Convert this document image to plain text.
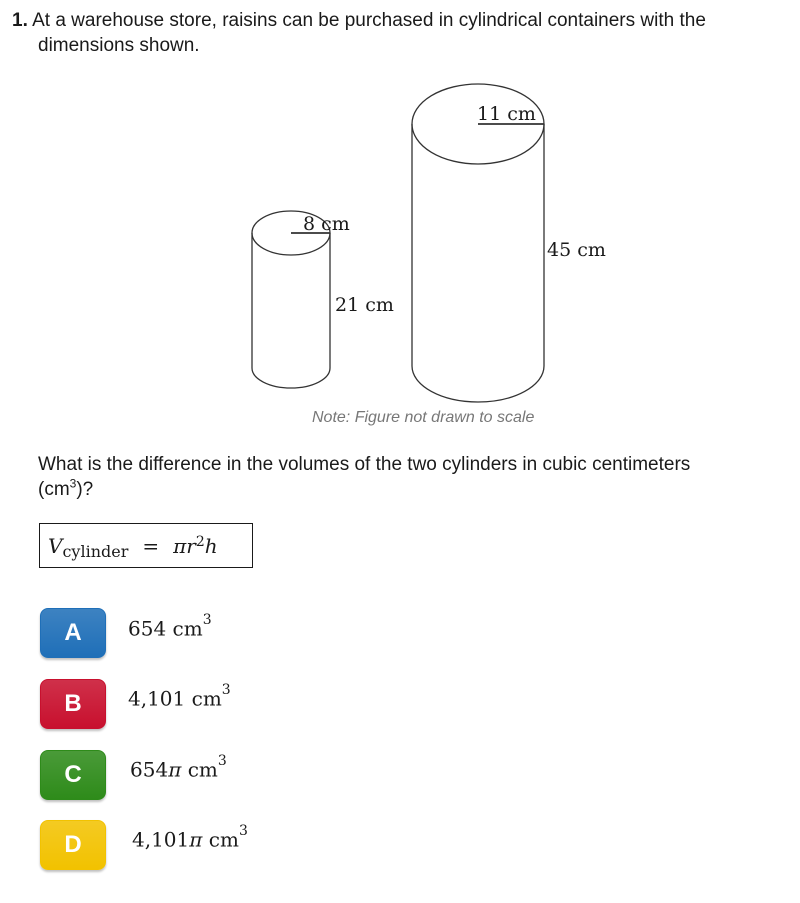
1. At a warehouse store, raisins can be purchased in cylindrical containers with the
dimensions shown.
8 cm
21 cm
11 cm
45 cm
Note: Figure not drawn to scale
What is the difference in the volumes of the two cylinders in cubic centimeters
$(cm^3)$?
V cylinder = π $r^2$ h
A 654 $cm^3$
B 4,101 $cm^3$
C 654π $cm^3$
D	4,101π $cm^3$
